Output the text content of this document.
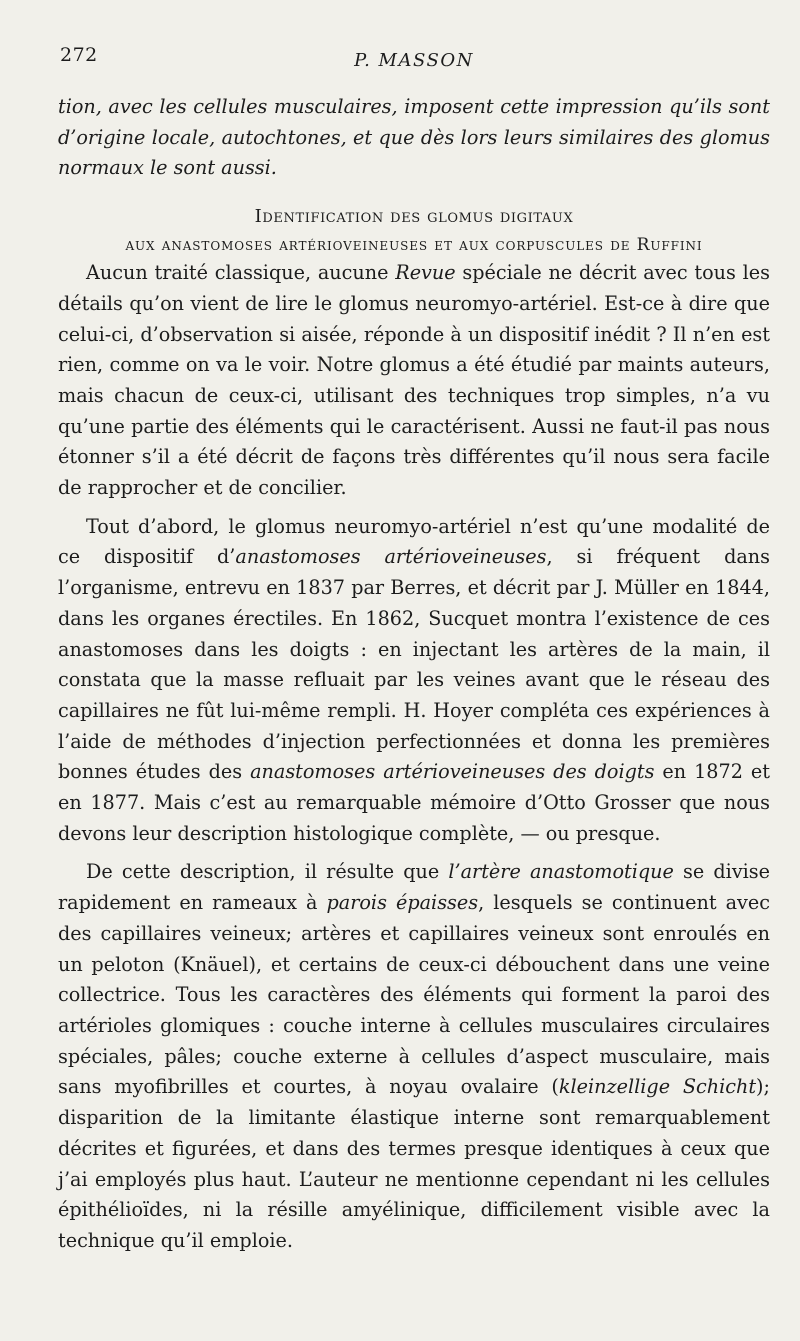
272	P. MASSON

tion, avec les cellules musculaires, imposent cette impression qu’ils sont d’origine locale, autochtones, et que dès lors leurs similaires des glomus normaux le sont aussi.

Identification des glomus digitaux
aux anastomoses artérioveineuses et aux corpuscules de Ruffini

Aucun traité classique, aucune Revue spéciale ne décrit avec tous les détails qu’on vient de lire le glomus neuromyo-artériel. Est-ce à dire que celui-ci, d’observation si aisée, réponde à un dispositif inédit ? Il n’en est rien, comme on va le voir. Notre glomus a été étudié par maints auteurs, mais chacun de ceux-ci, utilisant des techniques trop simples, n’a vu qu’une partie des éléments qui le caractérisent. Aussi ne faut-il pas nous étonner s’il a été décrit de façons très différentes qu’il nous sera facile de rapprocher et de concilier.

Tout d’abord, le glomus neuromyo-artériel n’est qu’une modalité de ce dispositif d’anastomoses artérioveineuses, si fréquent dans l’organisme, entrevu en 1837 par Berres, et décrit par J. Müller en 1844, dans les organes érectiles. En 1862, Sucquet montra l’existence de ces anastomoses dans les doigts : en injectant les artères de la main, il constata que la masse refluait par les veines avant que le réseau des capillaires ne fût lui-même rempli. H. Hoyer compléta ces expériences à l’aide de méthodes d’injection perfectionnées et donna les premières bonnes études des anastomoses artérioveineuses des doigts en 1872 et en 1877. Mais c’est au remarquable mémoire d’Otto Grosser que nous devons leur description histologique complète, — ou presque.

De cette description, il résulte que l’artère anastomotique se divise rapidement en rameaux à parois épaisses, lesquels se continuent avec des capillaires veineux; artères et capillaires veineux sont enroulés en un peloton (Knäuel), et certains de ceux-ci débouchent dans une veine collectrice. Tous les caractères des éléments qui forment la paroi des artérioles glomiques : couche interne à cellules musculaires circulaires spéciales, pâles; couche externe à cellules d’aspect musculaire, mais sans myofibrilles et courtes, à noyau ovalaire (kleinzellige Schicht); disparition de la limitante élastique interne sont remarquablement décrites et figurées, et dans des termes presque identiques à ceux que j’ai employés plus haut. L’auteur ne mentionne cependant ni les cellules épithélioïdes, ni la résille amyélinique, difficilement visible avec la technique qu’il emploie.
